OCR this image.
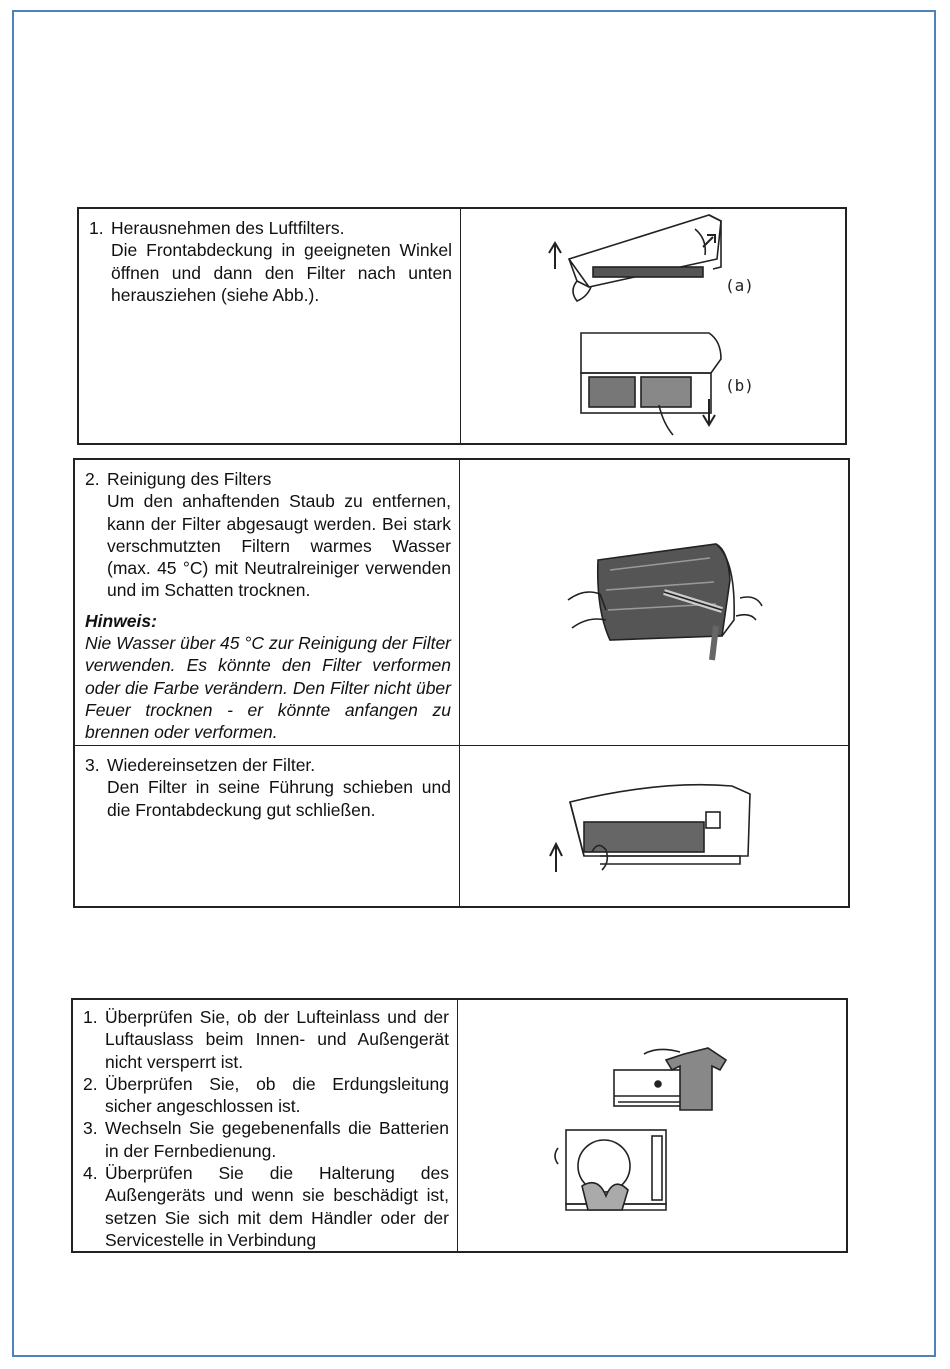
1. Herausnehmen des Luftfilters.
Die Frontabdeckung in geeigneten Winkel öffnen und dann den Filter nach unten herausziehen (siehe Abb.).	(a)
(b)
2. Reinigung des Filters
Um den anhaftenden Staub zu entfernen, kann der Filter abgesaugt werden. Bei stark verschmutzten Filtern warmes Wasser (max. 45 °C) mit Neutralreiniger verwenden und im Schatten trocknen.
Hinweis:
Nie Wasser über 45 °C zur Reinigung der Filter verwenden. Es könnte den Filter verformen oder die Farbe verändern. Den Filter nicht über Feuer trocknen - er könnte anfangen zu brennen oder verformen.
3. Wiedereinsetzen der Filter.
Den Filter in seine Führung schieben und die Frontabdeckung gut schließen.
1. Überprüfen Sie, ob der Lufteinlass und der Luftauslass beim Innen- und Außengerät nicht versperrt ist.
2. Überprüfen Sie, ob die Erdungsleitung sicher angeschlossen ist.
3. Wechseln Sie gegebenenfalls die Batterien in der Fernbedienung.
4. Überprüfen Sie die Halterung des Außengeräts und wenn sie beschädigt ist, setzen Sie sich mit dem Händler oder der Servicestelle in Verbindung
